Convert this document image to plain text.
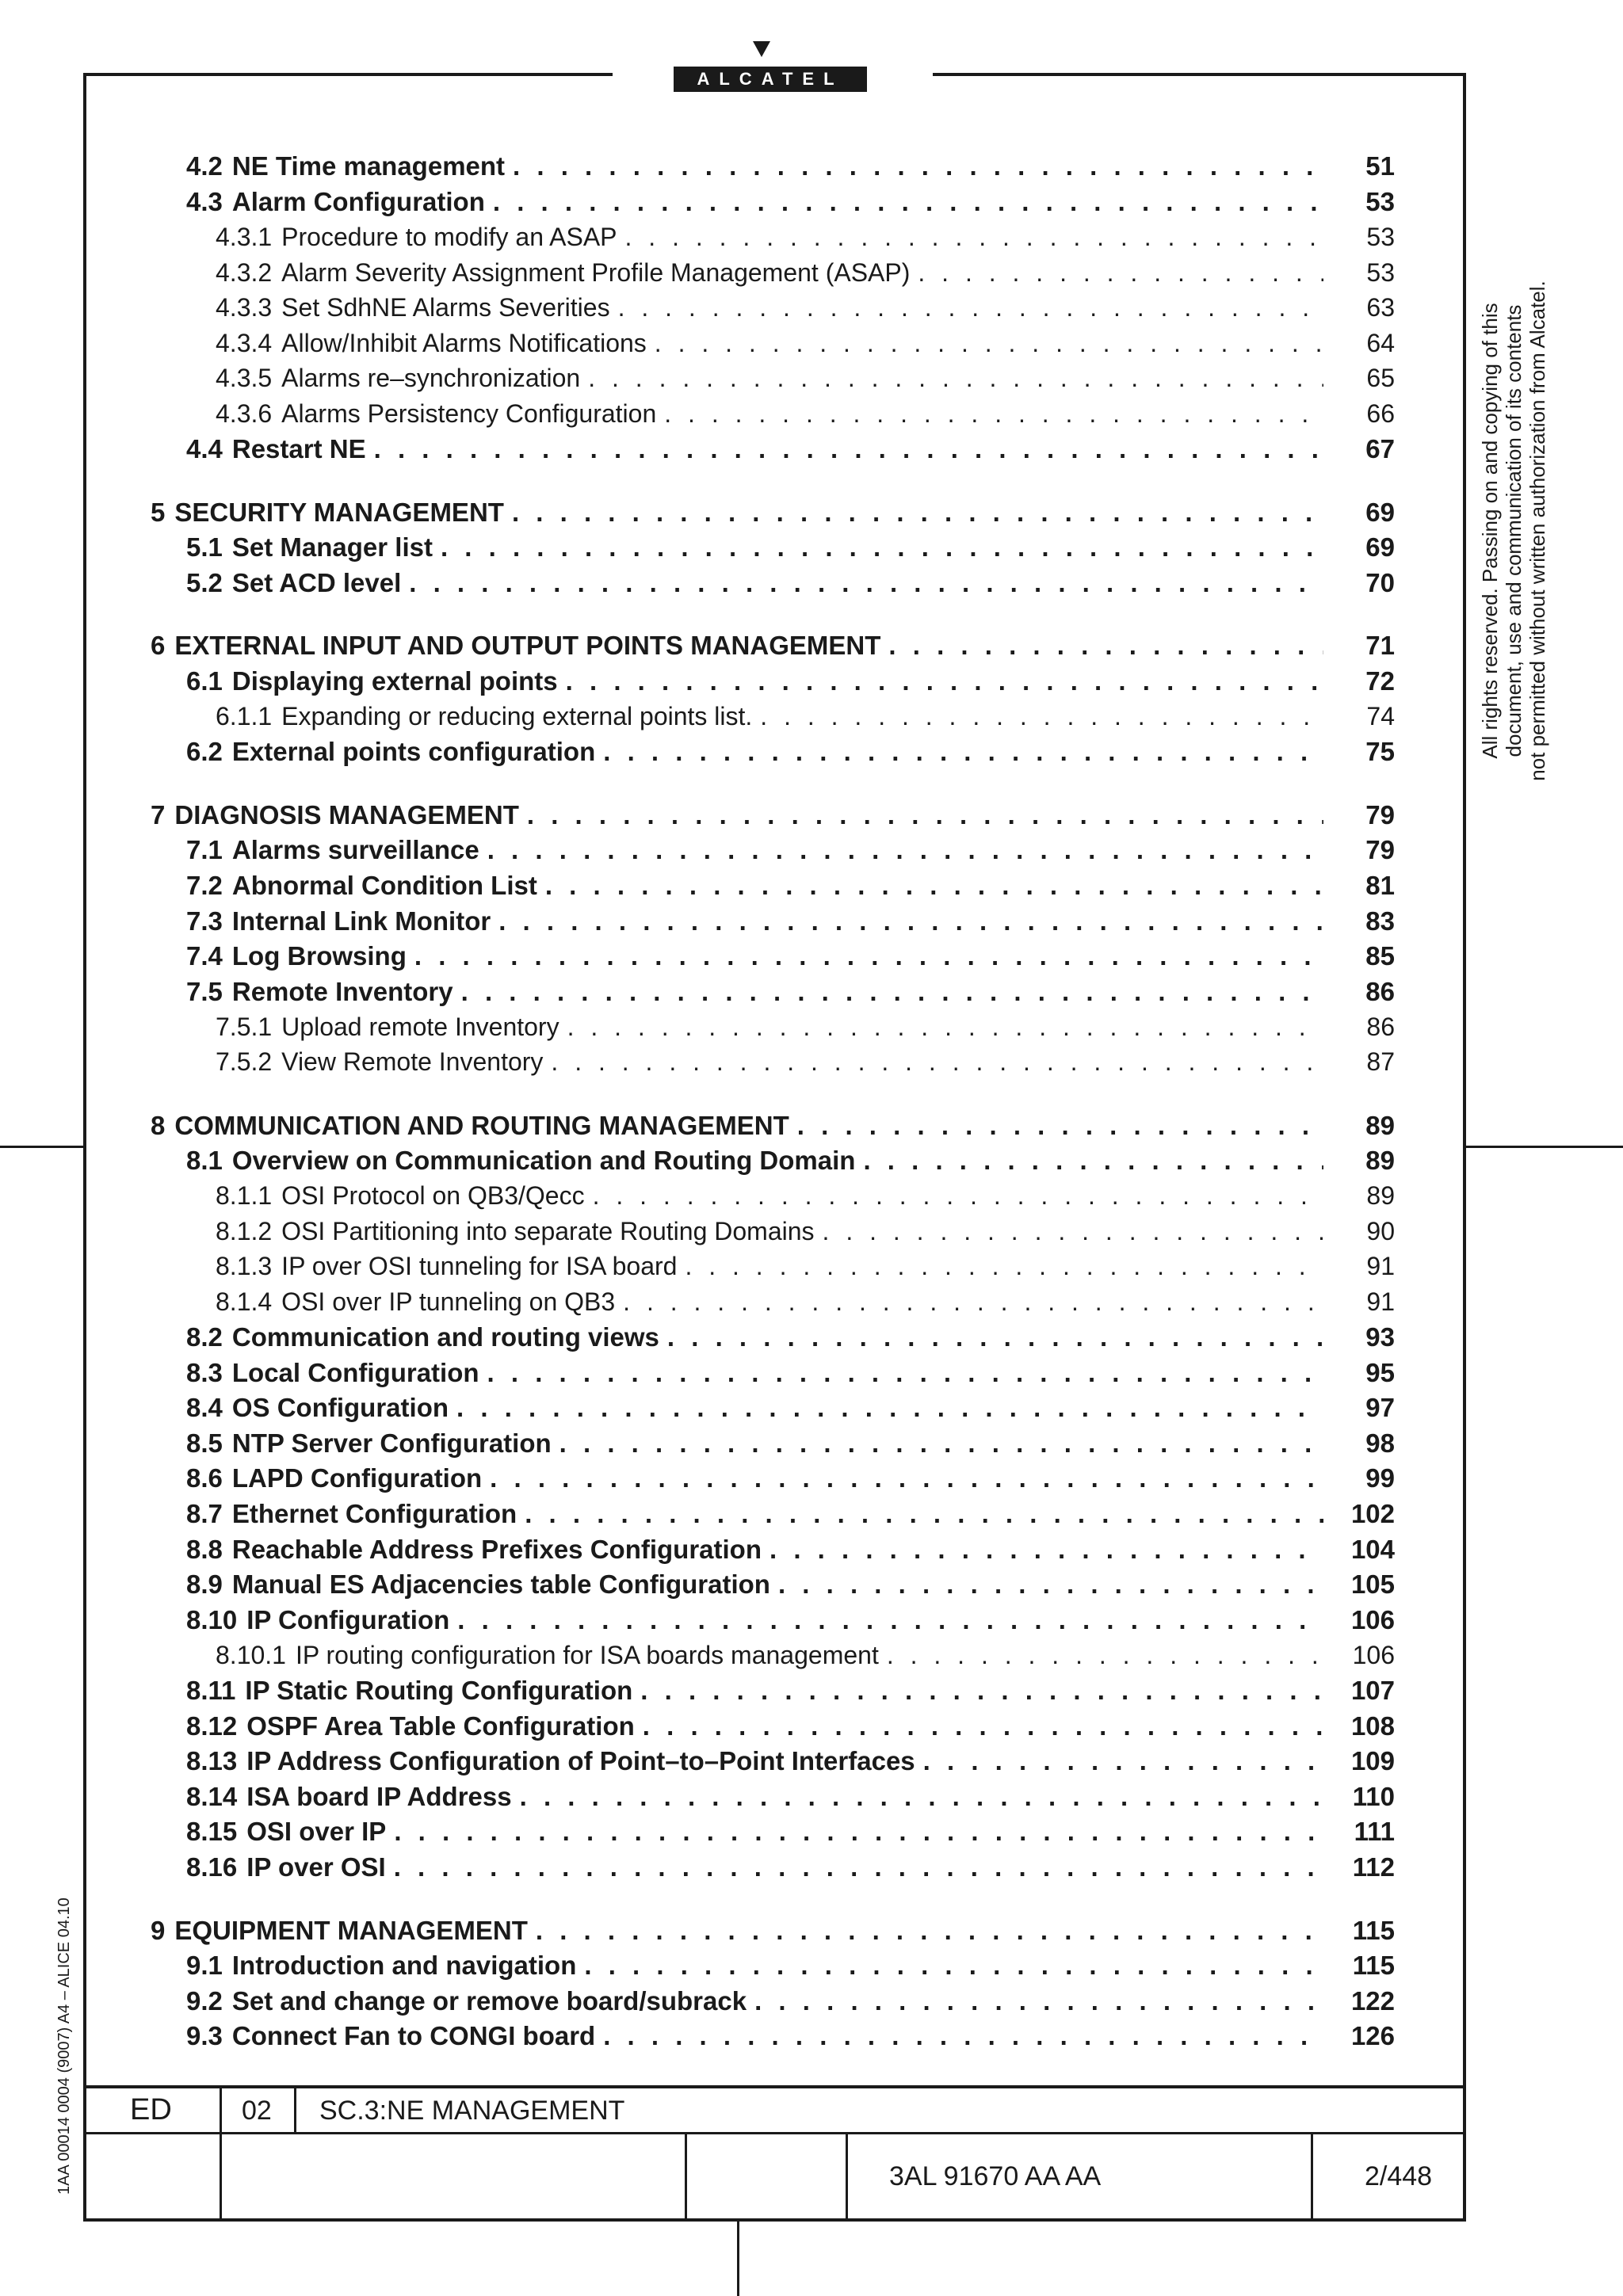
ALCATEL
4.2 NE Time management . . .	51
4.3 Alarm Configuration . . .	53
4.3.1 Procedure to modify an ASAP . . .	53
4.3.2 Alarm Severity Assignment Profile Management (ASAP) . . .	53
4.3.3 Set SdhNE Alarms Severities . . .	63
4.3.4 Allow/Inhibit Alarms Notifications . . .	64
4.3.5 Alarms re–synchronization . . .	65
4.3.6 Alarms Persistency Configuration . . .	66
4.4 Restart NE . . .	67
5 SECURITY MANAGEMENT . . .	69
5.1 Set Manager list . . .	69
5.2 Set ACD level . . .	70
6 EXTERNAL INPUT AND OUTPUT POINTS MANAGEMENT . . .	71
6.1 Displaying external points . . .	72
6.1.1 Expanding or reducing external points list. . . .	74
6.2 External points configuration . . .	75
7 DIAGNOSIS MANAGEMENT . . .	79
7.1 Alarms surveillance . . .	79
7.2 Abnormal Condition List . . .	81
7.3 Internal Link Monitor . . .	83
7.4 Log Browsing . . .	85
7.5 Remote Inventory . . .	86
7.5.1 Upload remote Inventory . . .	86
7.5.2 View Remote Inventory . . .	87
8 COMMUNICATION AND ROUTING MANAGEMENT . . .	89
8.1 Overview on Communication and Routing Domain . . .	89
8.1.1 OSI Protocol on QB3/Qecc . . .	89
8.1.2 OSI Partitioning into separate Routing Domains . . .	90
8.1.3 IP over OSI tunneling for ISA board . . .	91
8.1.4 OSI over IP tunneling on QB3 . . .	91
8.2 Communication and routing views . . .	93
8.3 Local Configuration . . .	95
8.4 OS Configuration . . .	97
8.5 NTP Server Configuration . . .	98
8.6 LAPD Configuration . . .	99
8.7 Ethernet Configuration . . .	102
8.8 Reachable Address Prefixes Configuration . . .	104
8.9 Manual ES Adjacencies table Configuration . . .	105
8.10 IP Configuration . . .	106
8.10.1 IP routing configuration for ISA boards management . . .	106
8.11 IP Static Routing Configuration . . .	107
8.12 OSPF Area Table Configuration . . .	108
8.13 IP Address Configuration of Point–to–Point Interfaces . . .	109
8.14 ISA board IP Address . . .	110
8.15 OSI over IP . . .	111
8.16 IP over OSI . . .	112
9 EQUIPMENT MANAGEMENT . . .	115
9.1 Introduction and navigation . . .	115
9.2 Set and change or remove board/subrack . . .	122
9.3 Connect Fan to CONGI board . . .	126
All rights reserved. Passing on and copying of this document, use and communication of its contents not permitted without written authorization from Alcatel.
1AA 00014 0004 (9007) A4 – ALICE 04.10 ED	02 SC.3:NE MANAGEMENT
3AL 91670 AA AA	2/448
